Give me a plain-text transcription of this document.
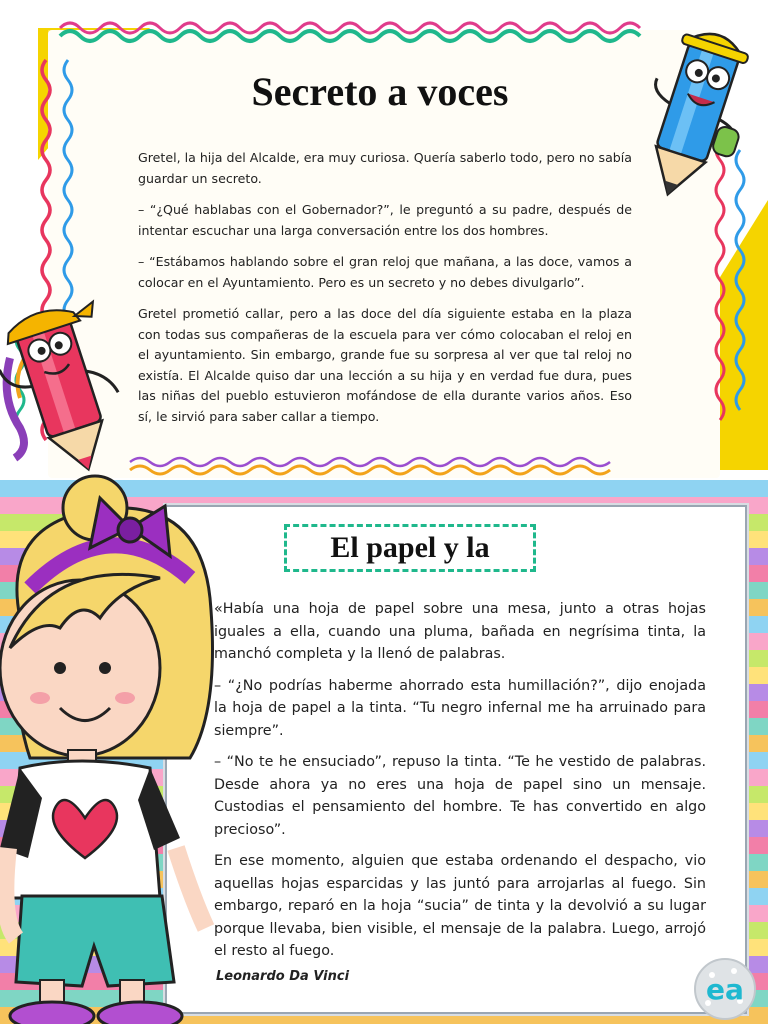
Secreto a voces

Gretel, la hija del Alcalde, era muy curiosa. Quería saberlo todo, pero no sabía guardar un secreto.

– “¿Qué hablabas con el Gobernador?”, le preguntó a su padre, después de intentar escuchar una larga conversación entre los dos hombres.

– “Estábamos hablando sobre el gran reloj que mañana, a las doce, vamos a colocar en el Ayuntamiento. Pero es un secreto y no debes divulgarlo”.

Gretel prometió callar, pero a las doce del día siguiente estaba en la plaza con todas sus compañeras de la escuela para ver cómo colocaban el reloj en el ayuntamiento. Sin embargo, grande fue su sorpresa al ver que tal reloj no existía. El Alcalde quiso dar una lección a su hija y en verdad fue dura, pues las niñas del pueblo estuvieron mofándose de ella durante varios años. Eso sí, le sirvió para saber callar a tiempo.

El papel y la

«Había una hoja de papel sobre una mesa, junto a otras hojas iguales a ella, cuando una pluma, bañada en negrísima tinta, la manchó completa y la llenó de palabras.

– “¿No podrías haberme ahorrado esta humillación?”, dijo enojada la hoja de papel a la tinta. “Tu negro infernal me ha arruinado para siempre”.

– “No te he ensuciado”, repuso la tinta. “Te he vestido de palabras. Desde ahora ya no eres una hoja de papel sino un mensaje. Custodias el pensamiento del hombre. Te has convertido en algo precioso”.

En ese momento, alguien que estaba ordenando el despacho, vio aquellas hojas esparcidas y las juntó para arrojarlas al fuego. Sin embargo, reparó en la hoja “sucia” de tinta y la devolvió a su lugar porque llevaba, bien visible, el mensaje de la palabra. Luego, arrojó el resto al fuego.

Leonardo Da Vinci	ea
